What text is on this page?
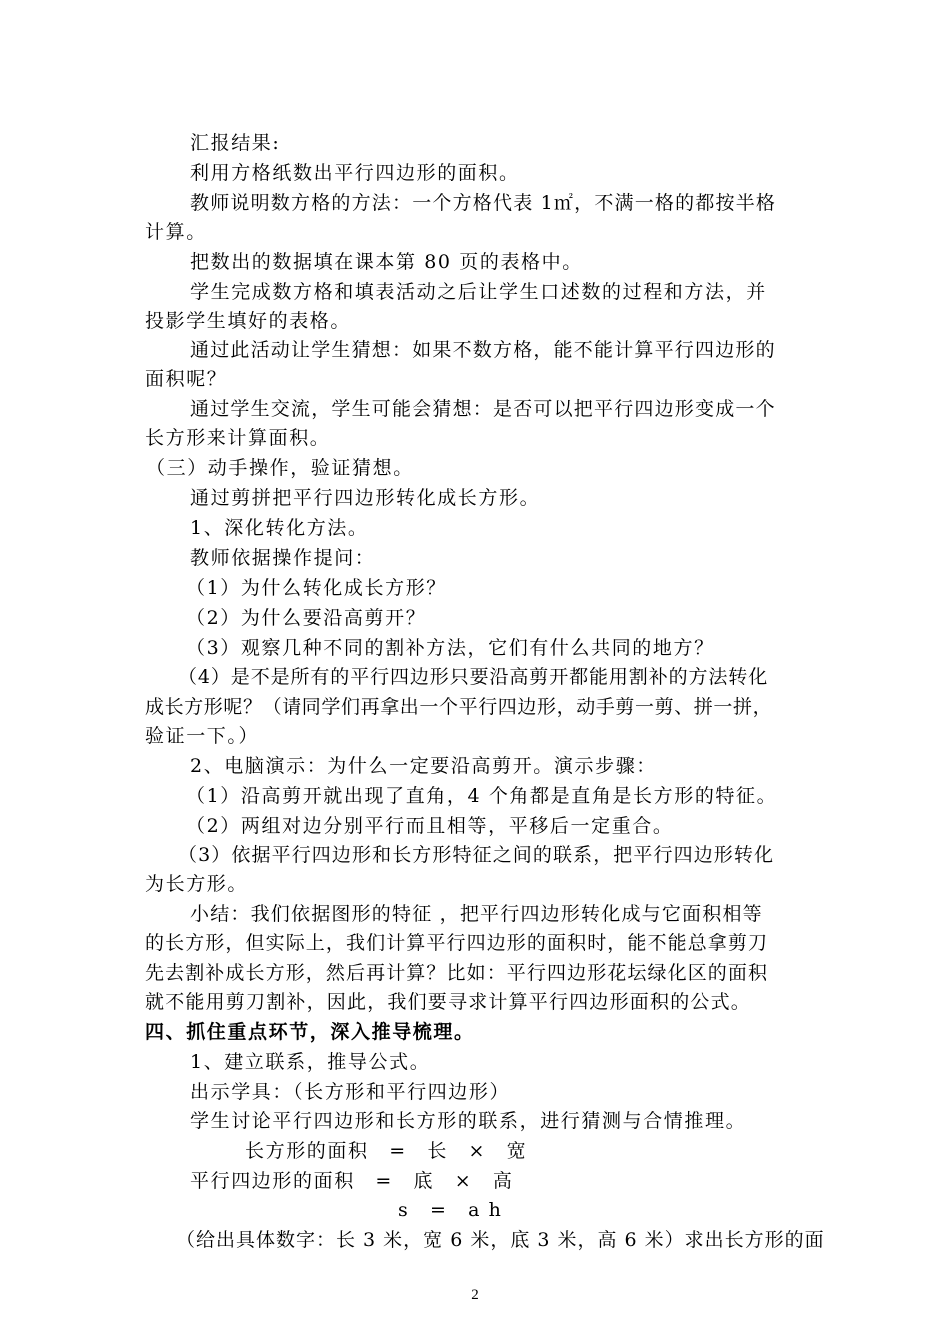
汇报结果:
利用方格纸数出平行四边形的面积。
教师说明数方格的方法：一个方格代表 1㎡，不满一格的都按半格
计算。
把数出的数据填在课本第 80 页的表格中。
学生完成数方格和填表活动之后让学生口述数的过程和方法，并
投影学生填好的表格。
通过此活动让学生猜想：如果不数方格，能不能计算平行四边形的
面积呢？
通过学生交流，学生可能会猜想：是否可以把平行四边形变成一个
长方形来计算面积。
（三）动手操作，验证猜想。
通过剪拼把平行四边形转化成长方形。
1、深化转化方法。
教师依据操作提问：
（1）为什么转化成长方形？
（2）为什么要沿高剪开？
（3）观察几种不同的割补方法，它们有什么共同的地方？
（4）是不是所有的平行四边形只要沿高剪开都能用割补的方法转化
成长方形呢？（请同学们再拿出一个平行四边形，动手剪一剪、拼一拼，
验证一下。）
2、电脑演示：为什么一定要沿高剪开。演示步骤：
（1）沿高剪开就出现了直角，4 个角都是直角是长方形的特征。
（2）两组对边分别平行而且相等，平移后一定重合。
（3）依据平行四边形和长方形特征之间的联系，把平行四边形转化
为长方形。
小结：我们依据图形的特征 ，把平行四边形转化成与它面积相等
的长方形，但实际上，我们计算平行四边形的面积时，能不能总拿剪刀
先去割补成长方形，然后再计算？比如：平行四边形花坛绿化区的面积
就不能用剪刀割补，因此，我们要寻求计算平行四边形面积的公式。
四、抓住重点环节，深入推导梳理。
1、建立联系，推导公式。
出示学具：（长方形和平行四边形）
学生讨论平行四边形和长方形的联系，进行猜测与合情推理。
长方形的面积　=　长　×　宽
平行四边形的面积　=　底　×　高
s　=　a h
（给出具体数字：长 3 米，宽 6 米，底 3 米，高 6 米）求出长方形的面
2
